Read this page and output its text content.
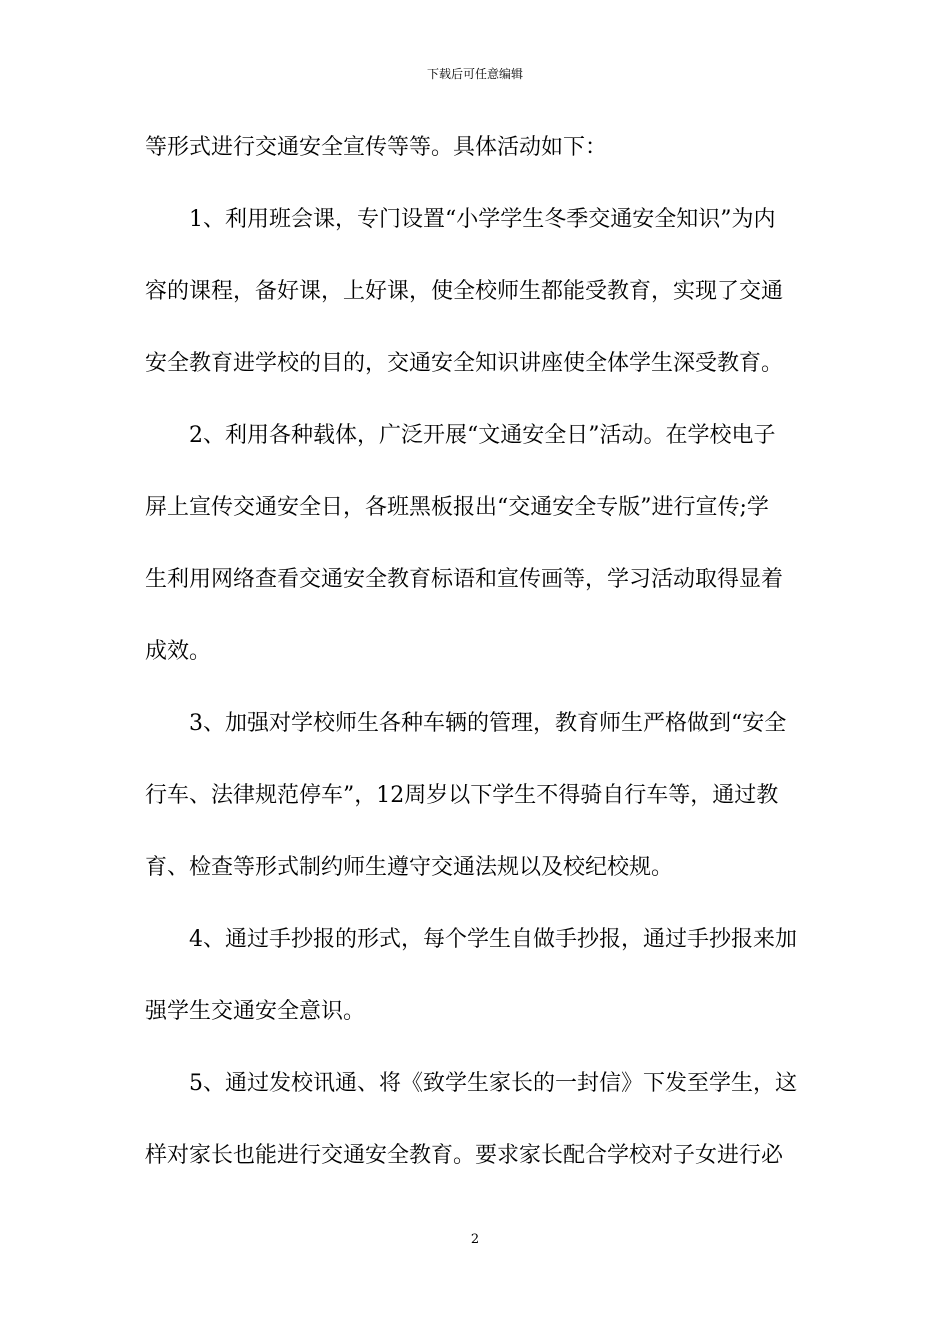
下载后可任意编辑
等形式进行交通安全宣传等等。具体活动如下：
1、利用班会课，专门设置“小学学生冬季交通安全知识”为内
容的课程，备好课，上好课，使全校师生都能受教育，实现了交通
安全教育进学校的目的，交通安全知识讲座使全体学生深受教育。
2、利用各种载体，广泛开展“文通安全日”活动。在学校电子
屏上宣传交通安全日，各班黑板报出“交通安全专版”进行宣传;学
生利用网络查看交通安全教育标语和宣传画等，学习活动取得显着
成效。
3、加强对学校师生各种车辆的管理，教育师生严格做到“安全
行车、法律规范停车”，12周岁以下学生不得骑自行车等，通过教
育、检查等形式制约师生遵守交通法规以及校纪校规。
4、通过手抄报的形式，每个学生自做手抄报，通过手抄报来加
强学生交通安全意识。
5、通过发校讯通、将《致学生家长的一封信》下发至学生，这
样对家长也能进行交通安全教育。要求家长配合学校对子女进行必
2
